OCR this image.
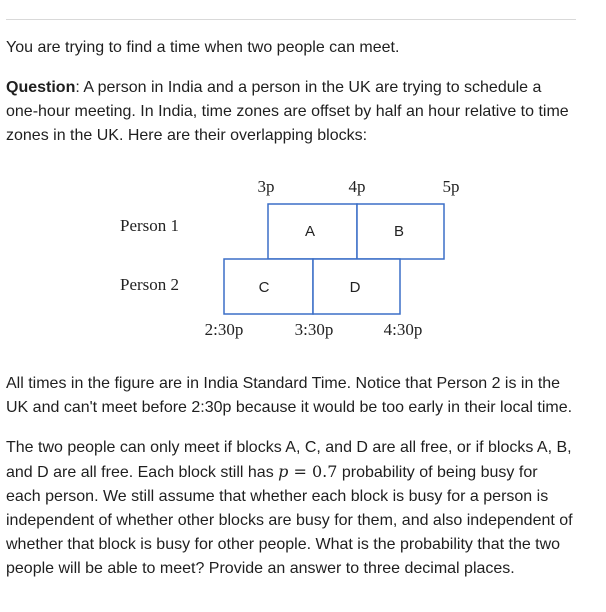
You are trying to find a time when two people can meet.

Question: A person in India and a person in the UK are trying to schedule a one-hour meeting. In India, time zones are offset by half an hour relative to time zones in the UK. Here are their overlapping blocks:

3p	4p	5p
Person 1
Person 2
A	B
C	D
2:30p	3:30p	4:30p

All times in the figure are in India Standard Time. Notice that Person 2 is in the UK and can't meet before 2:30p because it would be too early in their local time.

The two people can only meet if blocks A, C, and D are all free, or if blocks A, B, and D are all free. Each block still has p = 0.7 probability of being busy for each person. We still assume that whether each block is busy for a person is independent of whether other blocks are busy for them, and also independent of whether that block is busy for other people. What is the probability that the two people will be able to meet? Provide an answer to three decimal places.
